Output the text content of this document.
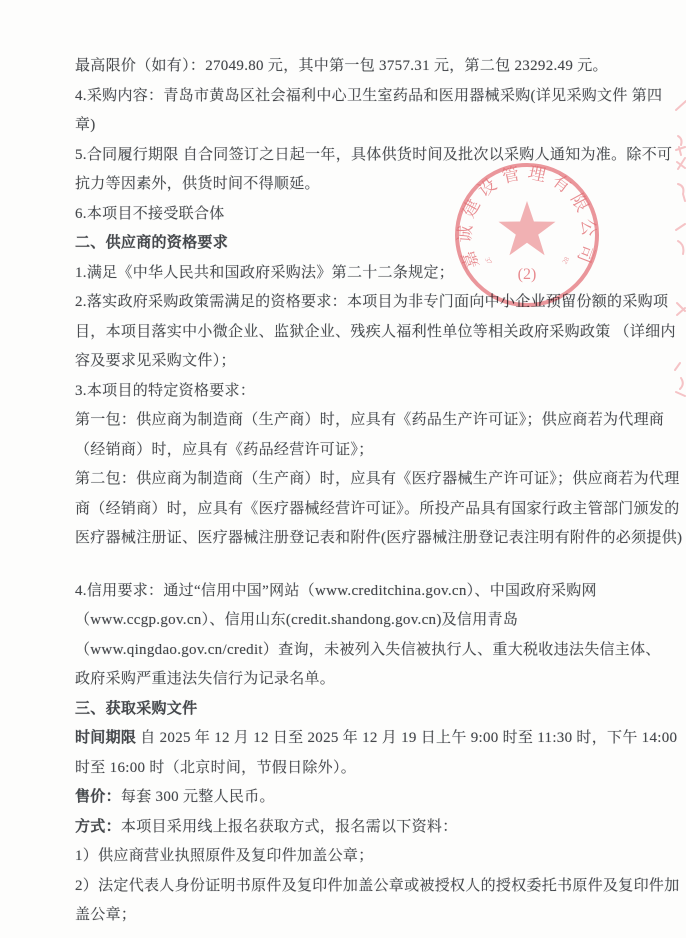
最高限价（如有）：27049.80 元，其中第一包 3757.31 元，第二包 23292.49 元。

4.采购内容：青岛市黄岛区社会福利中心卫生室药品和医用器械采购(详见采购文件 第四

章)

5.合同履行期限 自合同签订之日起一年，具体供货时间及批次以采购人通知为准。除不可

抗力等因素外，供货时间不得顺延。

6.本项目不接受联合体

二、供应商的资格要求

1.满足《中华人民共和国政府采购法》第二十二条规定；

2.落实政府采购政策需满足的资格要求：本项目为非专门面向中小企业预留份额的采购项

目，本项目落实中小微企业、监狱企业、残疾人福利性单位等相关政府采购政策 （详细内

容及要求见采购文件）；

3.本项目的特定资格要求：

第一包：供应商为制造商（生产商）时，应具有《药品生产许可证》；供应商若为代理商

（经销商）时，应具有《药品经营许可证》；

第二包：供应商为制造商（生产商）时，应具有《医疗器械生产许可证》；供应商若为代理

商（经销商）时，应具有《医疗器械经营许可证》。所投产品具有国家行政主管部门颁发的

医疗器械注册证、医疗器械注册登记表和附件(医疗器械注册登记表注明有附件的必须提供)

4.信用要求：通过“信用中国”网站（www.creditchina.gov.cn）、中国政府采购网

（www.ccgp.gov.cn）、信用山东(credit.shandong.gov.cn)及信用青岛

（www.qingdao.gov.cn/credit）查询，未被列入失信被执行人、重大税收违法失信主体、

政府采购严重违法失信行为记录名单。

三、获取采购文件

时间期限 自 2025 年 12 月 12 日至 2025 年 12 月 19 日上午 9:00 时至 11:30 时，下午 14:00

时至 16:00 时（北京时间，节假日除外）。

售价：每套 300 元整人民币。

方式：本项目采用线上报名获取方式，报名需以下资料：

1）供应商营业执照原件及复印件加盖公章；

2）法定代表人身份证明书原件及复印件加盖公章或被授权人的授权委托书原件及复印件加

盖公章；

嘉诚建设管理有限公司
(2)
37	28
